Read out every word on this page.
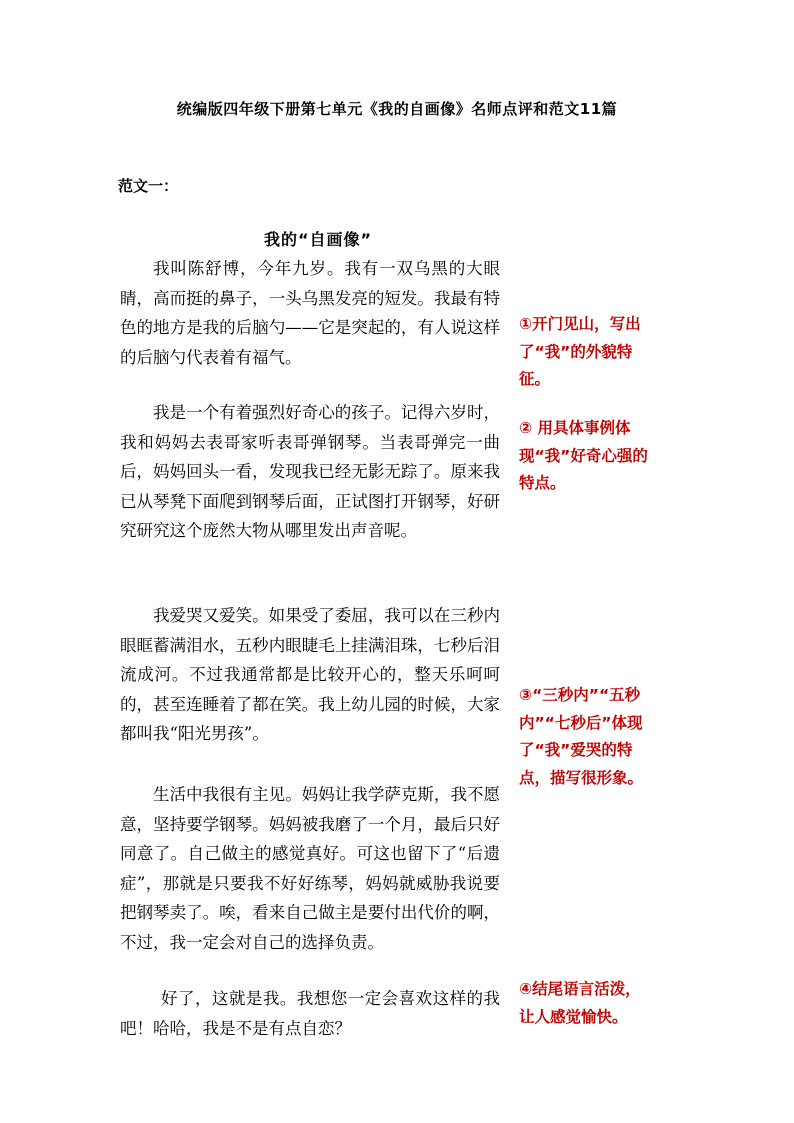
统编版四年级下册第七单元《我的自画像》名师点评和范文11篇
范文一：
我的“自画像”

我叫陈舒博，今年九岁。我有一双乌黑的大眼睛，高而挺的鼻子，一头乌黑发亮的短发。我最有特色的地方是我的后脑勺——它是突起的，有人说这样的后脑勺代表着有福气。

我是一个有着强烈好奇心的孩子。记得六岁时，我和妈妈去表哥家听表哥弹钢琴。当表哥弹完一曲后，妈妈回头一看，发现我已经无影无踪了。原来我已从琴凳下面爬到钢琴后面，正试图打开钢琴，好研究研究这个庞然大物从哪里发出声音呢。

我爱哭又爱笑。如果受了委屈，我可以在三秒内眼眶蓄满泪水，五秒内眼睫毛上挂满泪珠，七秒后泪流成河。不过我通常都是比较开心的，整天乐呵呵的，甚至连睡着了都在笑。我上幼儿园的时候，大家都叫我“阳光男孩”。

生活中我很有主见。妈妈让我学萨克斯，我不愿意，坚持要学钢琴。妈妈被我磨了一个月，最后只好同意了。自己做主的感觉真好。可这也留下了“后遗症”，那就是只要我不好好练琴，妈妈就威胁我说要把钢琴卖了。唉，看来自己做主是要付出代价的啊，不过，我一定会对自己的选择负责。

好了，这就是我。我想您一定会喜欢这样的我吧！哈哈，我是不是有点自恋？

①开门见山，写出了“我”的外貌特征。
② 用具体事例体现“我”好奇心强的特点。
③“三秒内”“五秒内”“七秒后”体现了“我”爱哭的特点，描写很形象。
④结尾语言活泼，让人感觉愉快。
